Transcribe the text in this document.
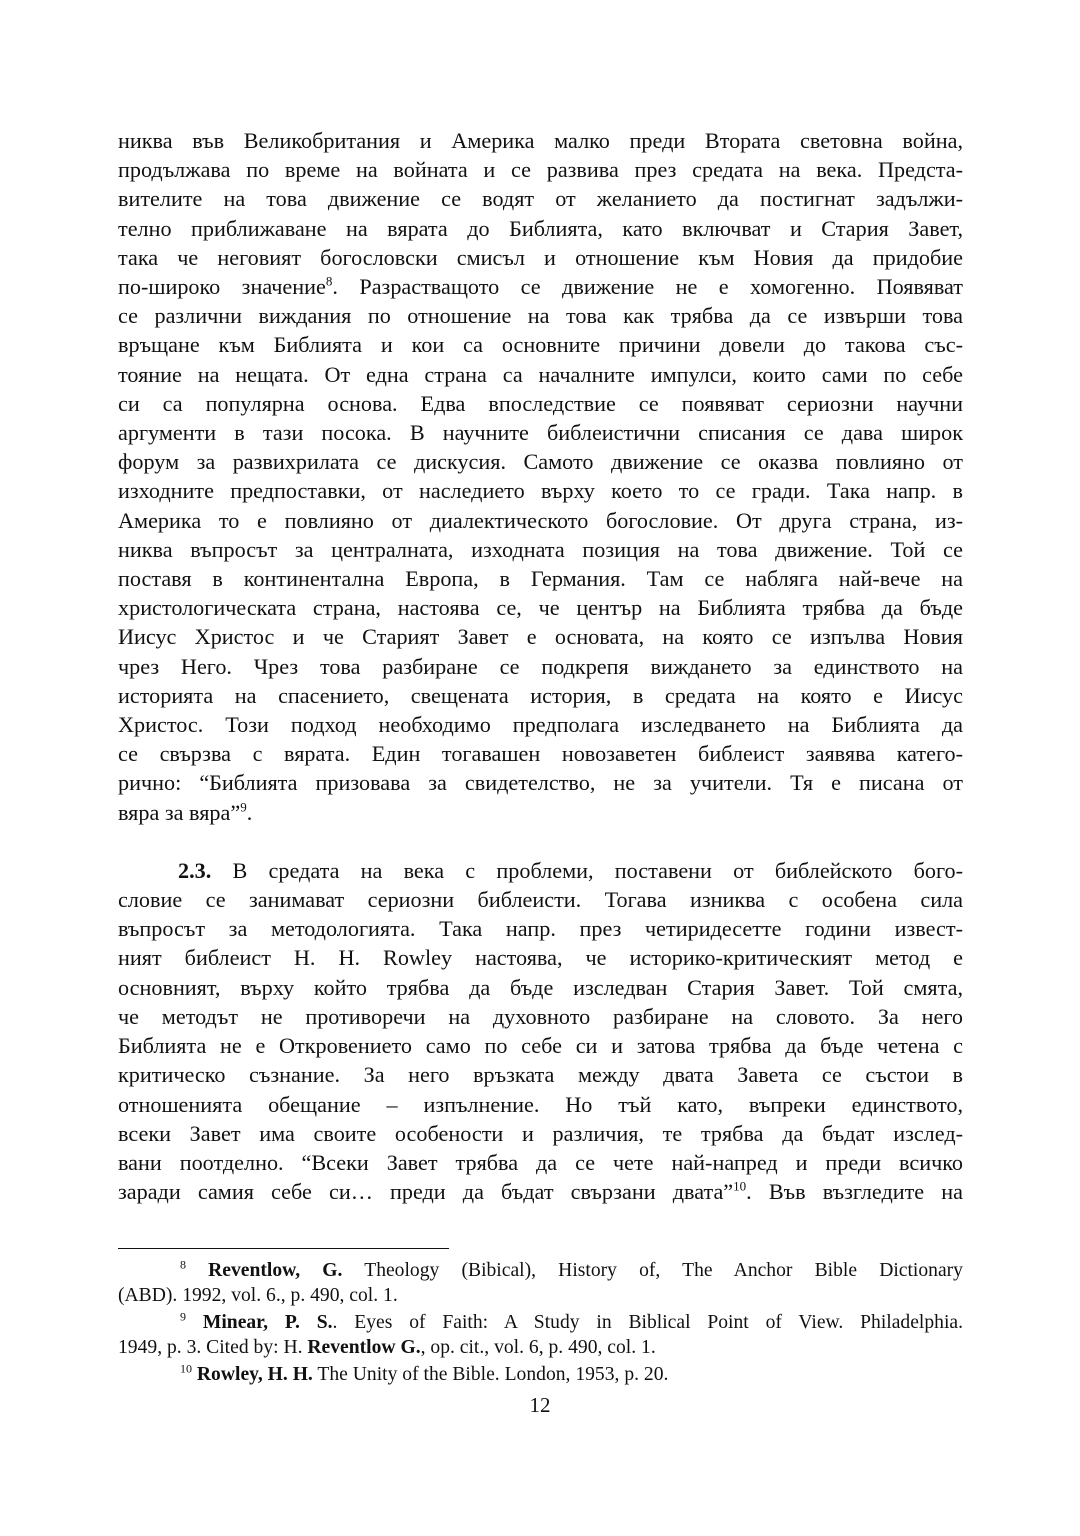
никва във Великобритания и Америка малко преди Втората световна война,
продължава по време на войната и се развива през средата на века. Предста-
вителите на това движение се водят от желанието да постигнат задължи-
телно приближаване на вярата до Библията, като включват и Стария Завет,
така че неговият богословски смисъл и отношение към Новия да придобие
по-широко значение$^8$. Разрастващото се движение не е хомогенно. Появяват
се различни виждания по отношение на това как трябва да се извърши това
връщане към Библията и кои са основните причини довели до такова със-
тояние на нещата. От една страна са началните импулси, които сами по себе
си са популярна основа. Едва впоследствие се появяват сериозни научни
аргументи в тази посока. В научните библеистични списания се дава широк
форум за развихрилата се дискусия. Самото движение се оказва повлияно от
изходните предпоставки, от наследието върху което то се гради. Така напр. в
Америка то е повлияно от диалектическото богословие. От друга страна, из-
никва въпросът за централната, изходната позиция на това движение. Той се
поставя в континентална Европа, в Германия. Там се набляга най-вече на
христологическата страна, настоява се, че център на Библията трябва да бъде
Иисус Христос и че Старият Завет е основата, на която се изпълва Новия
чрез Него. Чрез това разбиране се подкрепя виждането за единството на
историята на спасението, свещената история, в средата на която е Иисус
Христос. Този подход необходимо предполага изследването на Библията да
се свързва с вярата. Един тогавашен новозаветен библеист заявява катего-
рично: “Библията призовава за свидетелство, не за учители. Тя е писана от
вяра за вяра”$^9$.

2.3. В средата на века с проблеми, поставени от библейското бого-
словие се занимават сериозни библеисти. Тогава изниква с особена сила
въпросът за методологията. Така напр. през четиридесетте години извест-
ният библеист H. H. Rowley настоява, че историко-критическият метод е
основният, върху който трябва да бъде изследван Стария Завет. Той смята,
че методът не противоречи на духовното разбиране на словото. За него
Библията не е Откровението само по себе си и затова трябва да бъде четена с
критическо съзнание. За него връзката между двата Завета се състои в
отношенията обещание – изпълнение. Но тъй като, въпреки единството,
всеки Завет има своите особености и различия, те трябва да бъдат изслед-
вани поотделно. “Всеки Завет трябва да се чете най-напред и преди всичко
заради самия себе си… преди да бъдат свързани двата”$^{10}$. Във възгледите на

$^8$ Reventlow, G. Theology (Bibical), History of, The Anchor Bible Dictionary
(ABD). 1992, vol. 6., p. 490, col. 1.

$^9$ Minear, P. S.. Eyes of Faith: A Study in Biblical Point of View. Philadelphia.
1949, p. 3. Cited by: H. Reventlow G., op. cit., vol. 6, p. 490, col. 1.

$^{10}$ Rowley, H. H. The Unity of the Bible. London, 1953, p. 20.

12
